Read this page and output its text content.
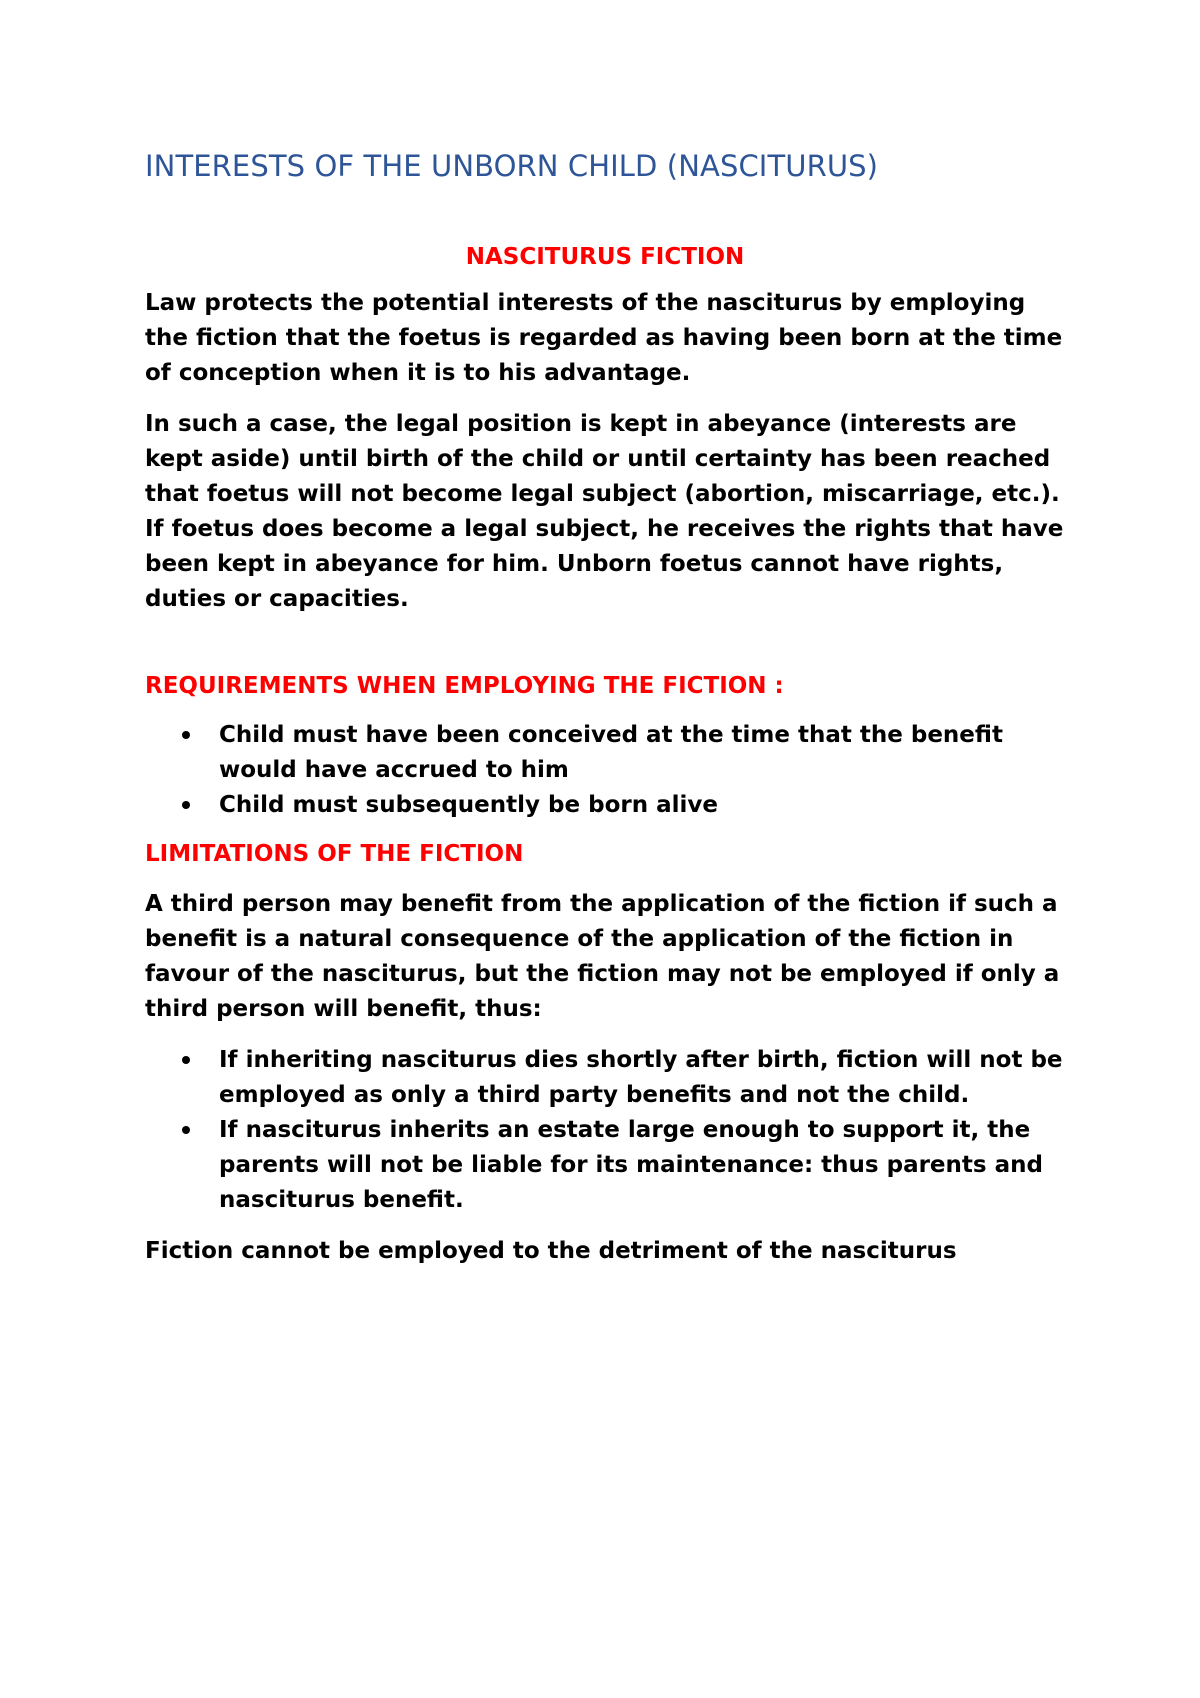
INTERESTS OF THE UNBORN CHILD (NASCITURUS)
NASCITURUS FICTION

Law protects the potential interests of the nasciturus by employing the fiction that the foetus is regarded as having been born at the time of conception when it is to his advantage.

In such a case, the legal position is kept in abeyance (interests are kept aside) until birth of the child or until certainty has been reached that foetus will not become legal subject (abortion, miscarriage, etc.). If foetus does become a legal subject, he receives the rights that have been kept in abeyance for him. Unborn foetus cannot have rights, duties or capacities.

REQUIREMENTS WHEN EMPLOYING THE FICTION :
Child must have been conceived at the time that the benefit would have accrued to him
Child must subsequently be born alive
LIMITATIONS OF THE FICTION

A third person may benefit from the application of the fiction if such a benefit is a natural consequence of the application of the fiction in favour of the nasciturus, but the fiction may not be employed if only a third person will benefit, thus:

If inheriting nasciturus dies shortly after birth, fiction will not be employed as only a third party benefits and not the child.
If nasciturus inherits an estate large enough to support it, the parents will not be liable for its maintenance: thus parents and nasciturus benefit.

Fiction cannot be employed to the detriment of the nasciturus
